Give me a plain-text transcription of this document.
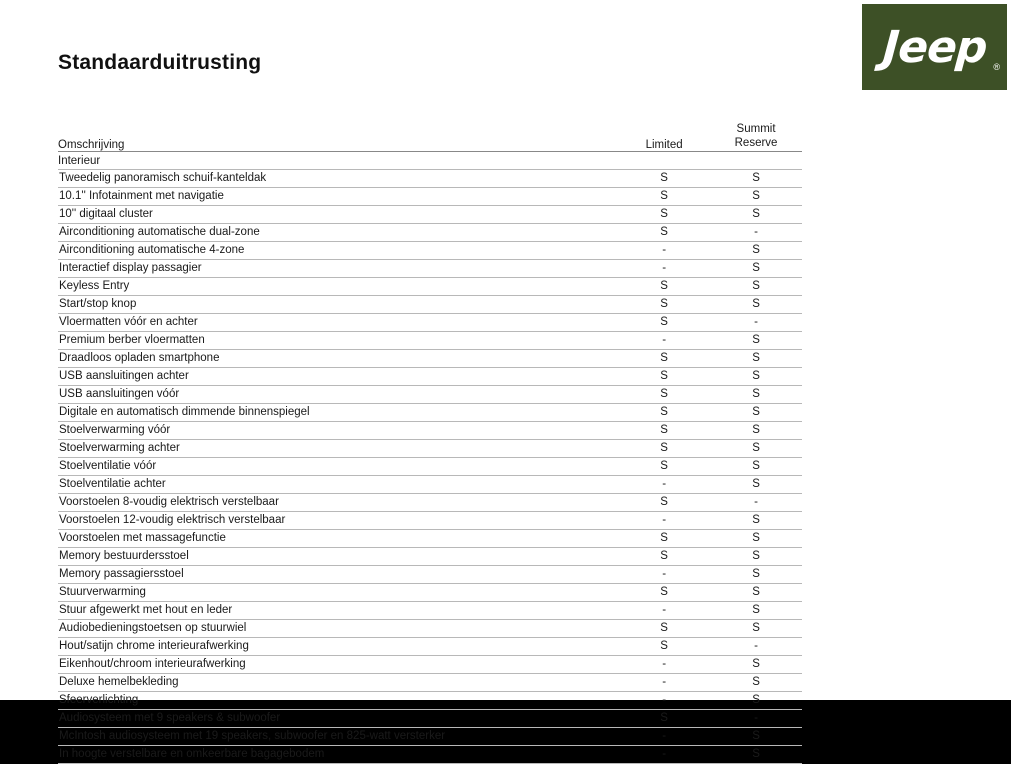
Jeep ®
Standaarduitrusting
Omschrijving	Limited	Summit
Reserve
Interieur		
Tweedelig panoramisch schuif-kanteldak	S	S
10.1'' Infotainment met navigatie	S	S
10'' digitaal cluster	S	S
Airconditioning automatische dual-zone	S	-
Airconditioning automatische 4-zone	-	S
Interactief display passagier	-	S
Keyless Entry	S	S
Start/stop knop	S	S
Vloermatten vóór en achter	S	-
Premium berber vloermatten	-	S
Draadloos opladen smartphone	S	S
USB aansluitingen achter	S	S
USB aansluitingen vóór	S	S
Digitale en automatisch dimmende binnenspiegel	S	S
Stoelverwarming vóór	S	S
Stoelverwarming achter	S	S
Stoelventilatie vóór	S	S
Stoelventilatie achter	-	S
Voorstoelen 8-voudig elektrisch verstelbaar	S	-
Voorstoelen 12-voudig elektrisch verstelbaar	-	S
Voorstoelen met massagefunctie	S	S
Memory bestuurdersstoel	S	S
Memory passagiersstoel	-	S
Stuurverwarming	S	S
Stuur afgewerkt met hout en leder	-	S
Audiobedieningstoetsen op stuurwiel	S	S
Hout/satijn chrome interieurafwerking	S	-
Eikenhout/chroom interieurafwerking	-	S
Deluxe hemelbekleding	-	S
Sfeerverlichting	-	S
Audiosysteem met 9 speakers & subwoofer	S	-
McIntosh audiosysteem met 19 speakers, subwoofer en 825-watt versterker	-	S
In hoogte verstelbare en omkeerbare bagagebodem	-	S
